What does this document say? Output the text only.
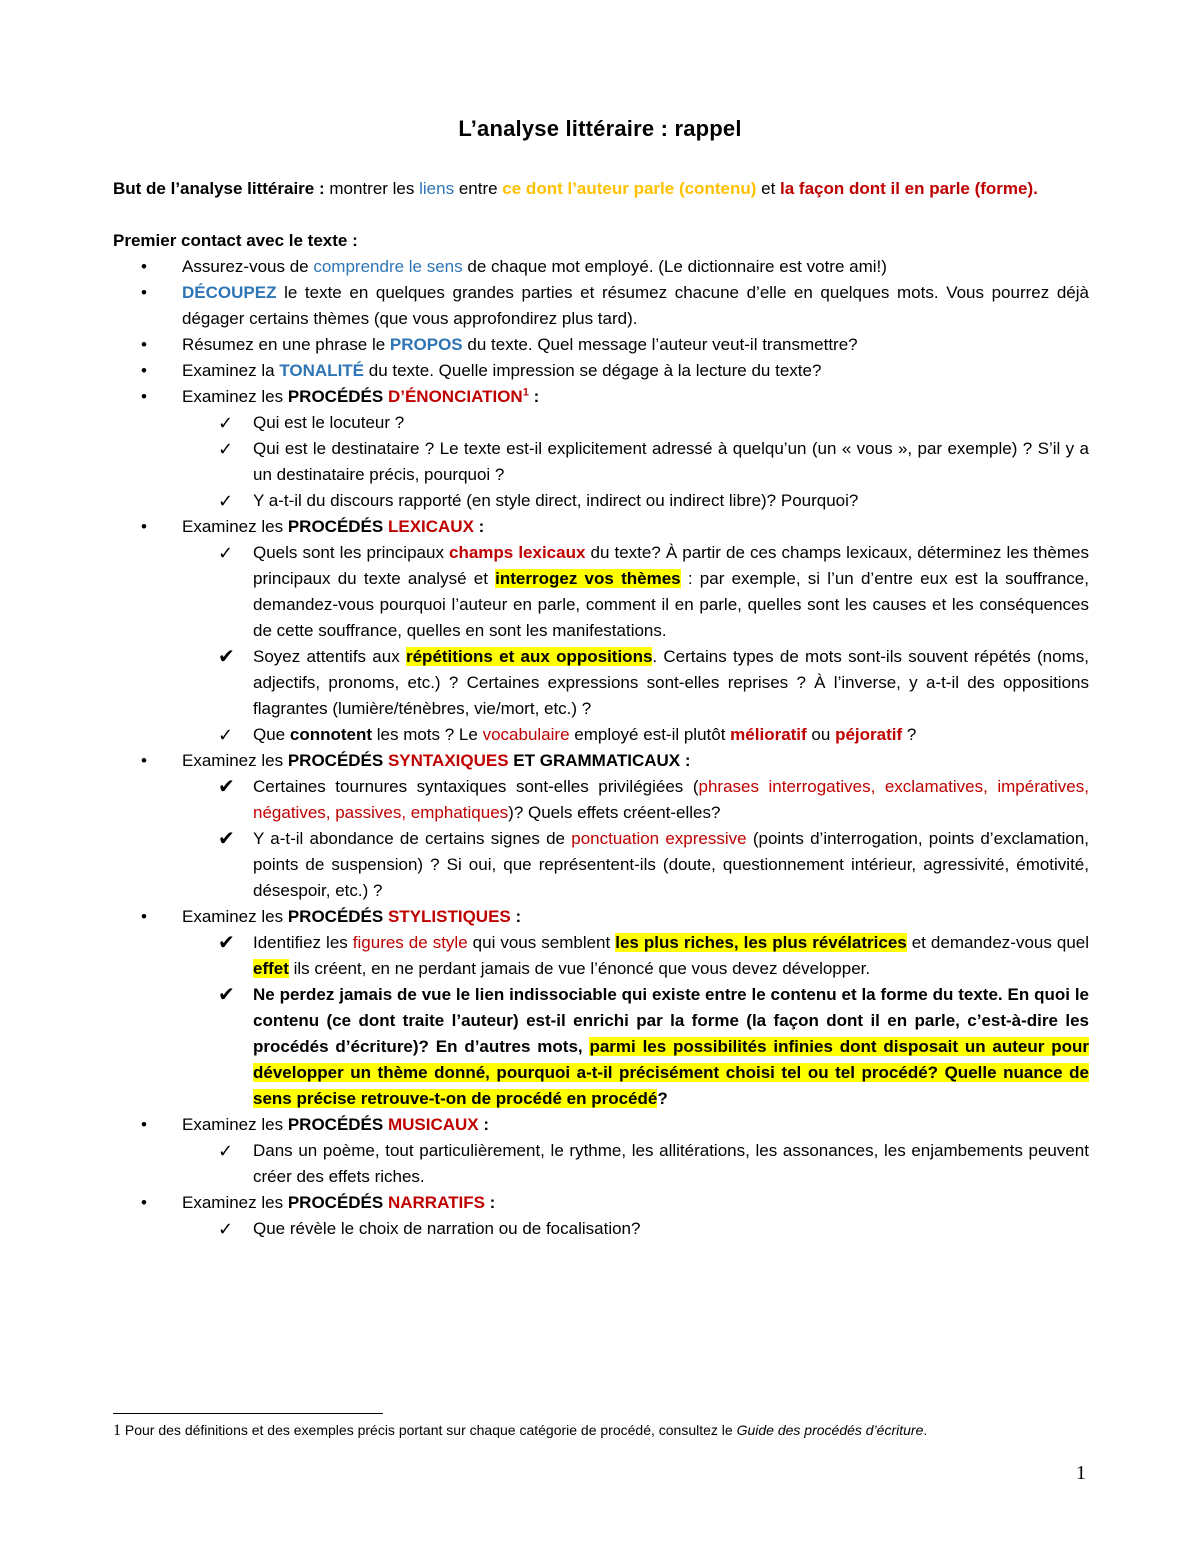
L’analyse littéraire : rappel

But de l’analyse littéraire : montrer les liens entre ce dont l’auteur parle (contenu) et la façon dont il en parle (forme).

Premier contact avec le texte :

•	Assurez-vous de comprendre le sens de chaque mot employé. (Le dictionnaire est votre ami!)
•	DÉCOUPEZ le texte en quelques grandes parties et résumez chacune d’elle en quelques mots. Vous pourrez déjà dégager certains thèmes (que vous approfondirez plus tard).
•	Résumez en une phrase le PROPOS du texte. Quel message l’auteur veut-il transmettre?
•	Examinez la TONALITÉ du texte. Quelle impression se dégage à la lecture du texte?
•	Examinez les PROCÉDÉS D’ÉNONCIATION$^1$ :
✓ Qui est le locuteur ?
✓ Qui est le destinataire ? Le texte est-il explicitement adressé à quelqu’un (un « vous », par exemple) ? S’il y a un destinataire précis, pourquoi ?
✓ Y a-t-il du discours rapporté (en style direct, indirect ou indirect libre)? Pourquoi?
•	Examinez les PROCÉDÉS LEXICAUX :
✓ Quels sont les principaux champs lexicaux du texte? À partir de ces champs lexicaux, déterminez les thèmes principaux du texte analysé et interrogez vos thèmes : par exemple, si l’un d’entre eux est la souffrance, demandez-vous pourquoi l’auteur en parle, comment il en parle, quelles sont les causes et les conséquences de cette souffrance, quelles en sont les manifestations.
✔ Soyez attentifs aux répétitions et aux oppositions. Certains types de mots sont-ils souvent répétés (noms, adjectifs, pronoms, etc.) ? Certaines expressions sont-elles reprises ? À l’inverse, y a-t-il des oppositions flagrantes (lumière/ténèbres, vie/mort, etc.) ?
✓ Que connotent les mots ? Le vocabulaire employé est-il plutôt mélioratif ou péjoratif ?
•	Examinez les PROCÉDÉS SYNTAXIQUES ET GRAMMATICAUX :
✔ Certaines tournures syntaxiques sont-elles privilégiées (phrases interrogatives, exclamatives, impératives, négatives, passives, emphatiques)? Quels effets créent-elles?
✔ Y a-t-il abondance de certains signes de ponctuation expressive (points d’interrogation, points d’exclamation, points de suspension) ? Si oui, que représentent-ils (doute, questionnement intérieur, agressivité, émotivité, désespoir, etc.) ?
•	Examinez les PROCÉDÉS STYLISTIQUES :
✔ Identifiez les figures de style qui vous semblent les plus riches, les plus révélatrices et demandez-vous quel effet ils créent, en ne perdant jamais de vue l’énoncé que vous devez développer.
✔ Ne perdez jamais de vue le lien indissociable qui existe entre le contenu et la forme du texte. En quoi le contenu (ce dont traite l’auteur) est-il enrichi par la forme (la façon dont il en parle, c’est-à-dire les procédés d’écriture)? En d’autres mots, parmi les possibilités infinies dont disposait un auteur pour développer un thème donné, pourquoi a-t-il précisément choisi tel ou tel procédé? Quelle nuance de sens précise retrouve-t-on de procédé en procédé?
•	Examinez les PROCÉDÉS MUSICAUX :
✓ Dans un poème, tout particulièrement, le rythme, les allitérations, les assonances, les enjambements peuvent créer des effets riches.
•	Examinez les PROCÉDÉS NARRATIFS :
✓ Que révèle le choix de narration ou de focalisation?
1 Pour des définitions et des exemples précis portant sur chaque catégorie de procédé, consultez le Guide des procédés d’écriture.
1
